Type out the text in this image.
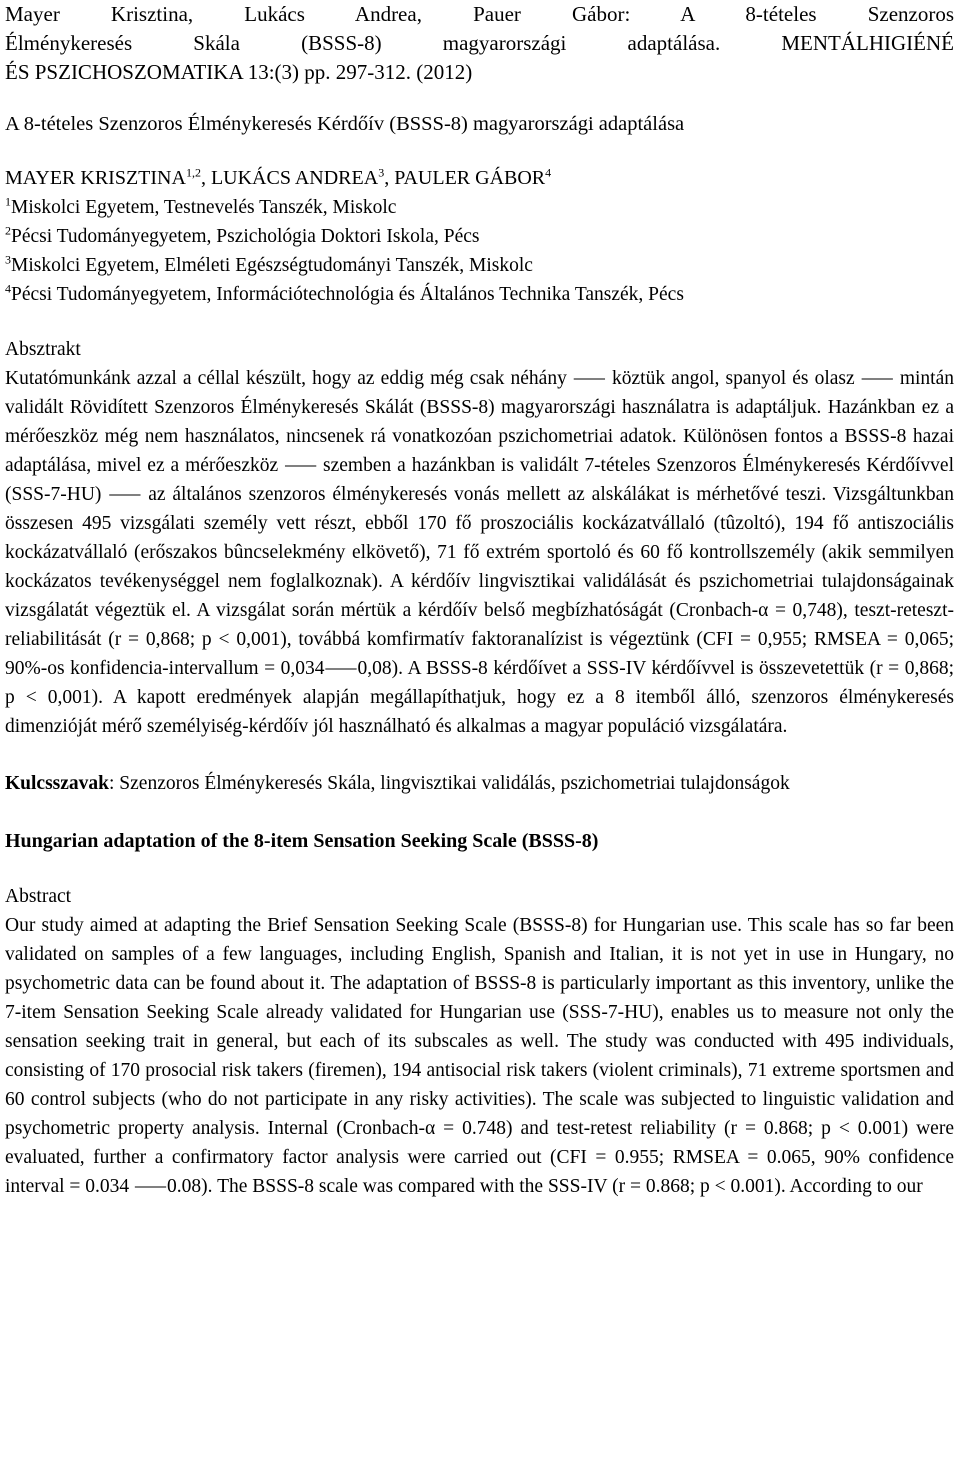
Mayer Krisztina, Lukács Andrea, Pauer Gábor: A 8-tételes Szenzoros
Élménykeresés Skála (BSSS-8) magyarországi adaptálása. MENTÁLHIGIÉNÉ
ÉS PSZICHOSZOMATIKA 13:(3) pp. 297-312. (2012)
A 8-tételes Szenzoros Élménykeresés Kérdőív (BSSS-8) magyarországi adaptálása
MAYER KRISZTINA$^{1,2}$, LUKÁCS ANDREA$^3$, PAULER GÁBOR$^4$
$^1$Miskolci Egyetem, Testnevelés Tanszék, Miskolc
$^2$Pécsi Tudományegyetem, Pszichológia Doktori Iskola, Pécs
$^3$Miskolci Egyetem, Elméleti Egészségtudományi Tanszék, Miskolc
$^4$Pécsi Tudományegyetem, Információtechnológia és Általános Technika Tanszék, Pécs
Absztrakt
Kutatómunkánk azzal a céllal készült, hogy az eddig még csak néhány ⸺ köztük angol, spanyol és olasz ⸺ mintán validált Rövidített Szenzoros Élménykeresés Skálát (BSSS-8) magyarországi használatra is adaptáljuk. Hazánkban ez a mérőeszköz még nem használatos, nincsenek rá vonatkozóan pszichometriai adatok. Különösen fontos a BSSS-8 hazai adaptálása, mivel ez a mérőeszköz ⸺ szemben a hazánkban is validált 7-tételes Szenzoros Élménykeresés Kérdőívvel (SSS-7-HU) ⸺ az általános szenzoros élménykeresés vonás mellett az alskálákat is mérhetővé teszi. Vizsgáltunkban összesen 495 vizsgálati személy vett részt, ebből 170 fő proszociális kockázatvállaló (tûzoltó), 194 fő antiszociális kockázatvállaló (erőszakos bûncselekmény elkövető), 71 fő extrém sportoló és 60 fő kontrollszemély (akik semmilyen kockázatos tevékenységgel nem foglalkoznak). A kérdőív lingvisztikai validálását és pszichometriai tulajdonságainak vizsgálatát végeztük el. A vizsgálat során mértük a kérdőív belső megbízhatóságát (Cronbach-α = 0,748), teszt-reteszt-reliabilitását (r = 0,868; p < 0,001), továbbá komfirmatív faktoranalízist is végeztünk (CFI = 0,955; RMSEA = 0,065; 90%-os konfidencia-intervallum = 0,034⸺0,08). A BSSS-8 kérdőívet a SSS-IV kérdőívvel is összevetettük (r = 0,868; p < 0,001). A kapott eredmények alapján megállapíthatjuk, hogy ez a 8 itemből álló, szenzoros élménykeresés dimenzióját mérő személyiség-kérdőív jól használható és alkalmas a magyar populáció vizsgálatára.
Kulcsszavak: Szenzoros Élménykeresés Skála, lingvisztikai validálás, pszichometriai tulajdonságok
Hungarian adaptation of the 8-item Sensation Seeking Scale (BSSS-8)
Abstract
Our study aimed at adapting the Brief Sensation Seeking Scale (BSSS-8) for Hungarian use. This scale has so far been validated on samples of a few languages, including English, Spanish and Italian, it is not yet in use in Hungary, no psychometric data can be found about it. The adaptation of BSSS-8 is particularly important as this inventory, unlike the 7-item Sensation Seeking Scale already validated for Hungarian use (SSS-7-HU), enables us to measure not only the sensation seeking trait in general, but each of its subscales as well. The study was conducted with 495 individuals, consisting of 170 prosocial risk takers (firemen), 194 antisocial risk takers (violent criminals), 71 extreme sportsmen and 60 control subjects (who do not participate in any risky activities). The scale was subjected to linguistic validation and psychometric property analysis. Internal (Cronbach-α = 0.748) and test-retest reliability (r = 0.868; p < 0.001) were evaluated, further a confirmatory factor analysis were carried out (CFI = 0.955; RMSEA = 0.065, 90% confidence interval = 0.034 ⸺0.08). The BSSS-8 scale was compared with the SSS-IV (r = 0.868; p < 0.001). According to our
